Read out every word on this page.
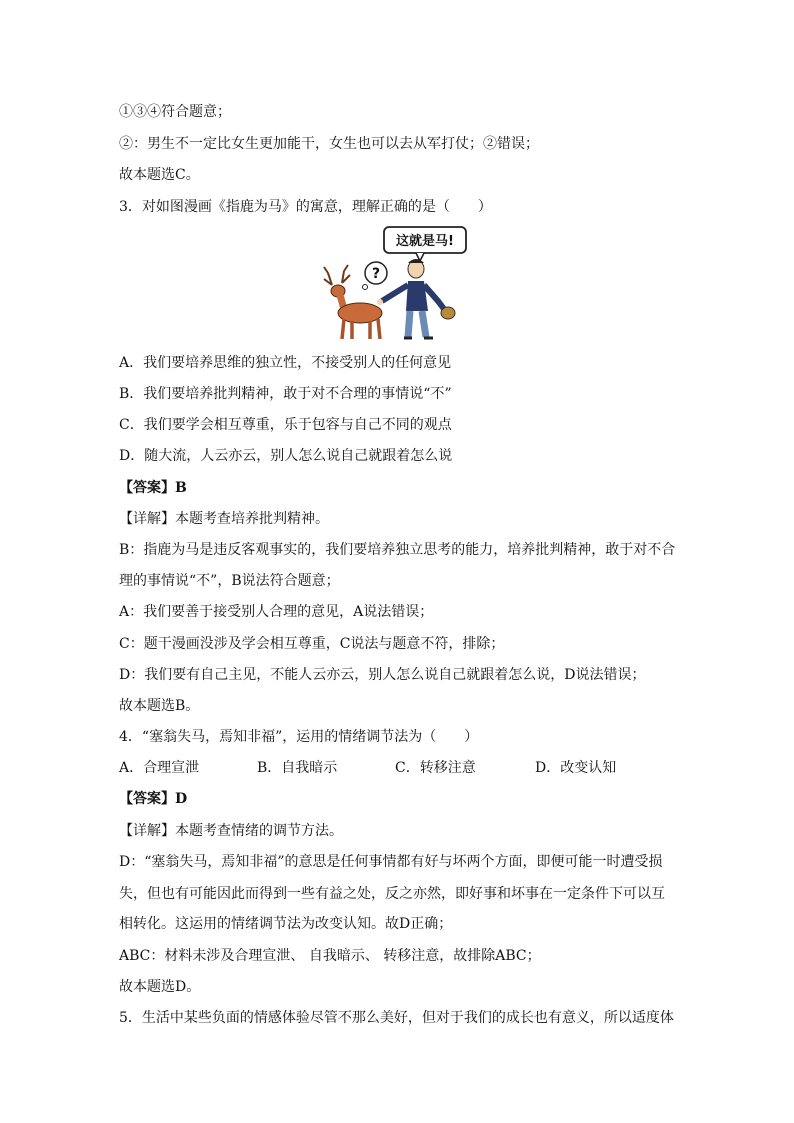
①③④符合题意；
②：男生不一定比女生更加能干，女生也可以去从军打仗；②错误；
故本题选C。
3．对如图漫画《指鹿为马》的寓意，理解正确的是（　　）
这就是马!
?
A．我们要培养思维的独立性，不接受别人的任何意见
B．我们要培养批判精神，敢于对不合理的事情说“不”
C．我们要学会相互尊重，乐于包容与自己不同的观点
D．随大流，人云亦云，别人怎么说自己就跟着怎么说
【答案】B
【详解】本题考查培养批判精神。
B：指鹿为马是违反客观事实的，我们要培养独立思考的能力，培养批判精神，敢于对不合
理的事情说“不”，B说法符合题意；
A：我们要善于接受别人合理的意见，A说法错误；
C：题干漫画没涉及学会相互尊重，C说法与题意不符，排除；
D：我们要有自己主见，不能人云亦云，别人怎么说自己就跟着怎么说，D说法错误；
故本题选B。
4．“塞翁失马，焉知非福”，运用的情绪调节法为（　　）
A．合理宣泄	B．自我暗示	C．转移注意	D．改变认知
【答案】D
【详解】本题考查情绪的调节方法。
D：“塞翁失马，焉知非福”的意思是任何事情都有好与坏两个方面，即便可能一时遭受损
失，但也有可能因此而得到一些有益之处，反之亦然，即好事和坏事在一定条件下可以互
相转化。这运用的情绪调节法为改变认知。故D正确；
ABC：材料未涉及合理宣泄、 自我暗示、 转移注意，故排除ABC；
故本题选D。
5．生活中某些负面的情感体验尽管不那么美好，但对于我们的成长也有意义，所以适度体
